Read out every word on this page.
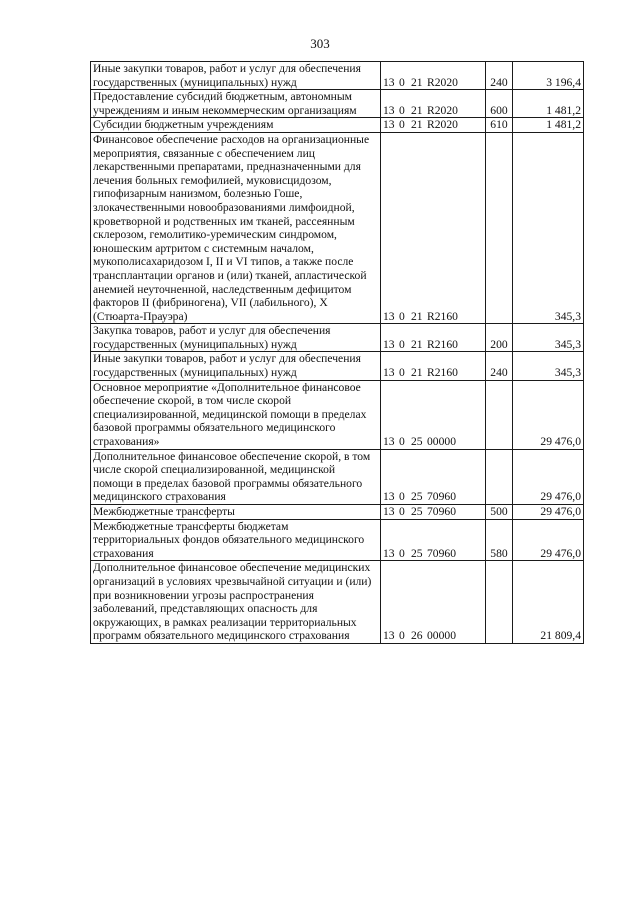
303
Иные закупки товаров, работ и услуг для обеспечения государственных (муниципальных) нужд	13 0 21 R2020	240	3 196,4
Предоставление субсидий бюджетным, автономным учреждениям и иным некоммерческим организациям	13 0 21 R2020	600	1 481,2
Субсидии бюджетным учреждениям	13 0 21 R2020	610	1 481,2
Финансовое обеспечение расходов на организационные мероприятия, связанные с обеспечением лиц лекарственными препаратами, предназначенными для лечения больных гемофилией, муковисцидозом, гипофизарным нанизмом, болезнью Гоше, злокачественными новообразованиями лимфоидной, кроветворной и родственных им тканей, рассеянным склерозом, гемолитико-уремическим синдромом, юношеским артритом с системным началом, мукополисахаридозом I, II и VI типов, а также после трансплантации органов и (или) тканей, апластической анемией неуточненной, наследственным дефицитом факторов II (фибриногена), VII (лабильного), X (Стюарта-Прауэра)	13 0 21 R2160		345,3
Закупка товаров, работ и услуг для обеспечения государственных (муниципальных) нужд	13 0 21 R2160	200	345,3
Иные закупки товаров, работ и услуг для обеспечения государственных (муниципальных) нужд	13 0 21 R2160	240	345,3
Основное мероприятие «Дополнительное финансовое обеспечение скорой, в том числе скорой специализированной, медицинской помощи в пределах базовой программы обязательного медицинского страхования»	13 0 25 00000		29 476,0
Дополнительное финансовое обеспечение скорой, в том числе скорой специализированной, медицинской помощи в пределах базовой программы обязательного медицинского страхования	13 0 25 70960		29 476,0
Межбюджетные трансферты	13 0 25 70960	500	29 476,0
Межбюджетные трансферты бюджетам территориальных фондов обязательного медицинского страхования	13 0 25 70960	580	29 476,0
Дополнительное финансовое обеспечение медицинских организаций в условиях чрезвычайной ситуации и (или) при возникновении угрозы распространения заболеваний, представляющих опасность для окружающих, в рамках реализации территориальных программ обязательного медицинского страхования	13 0 26 00000		21 809,4
